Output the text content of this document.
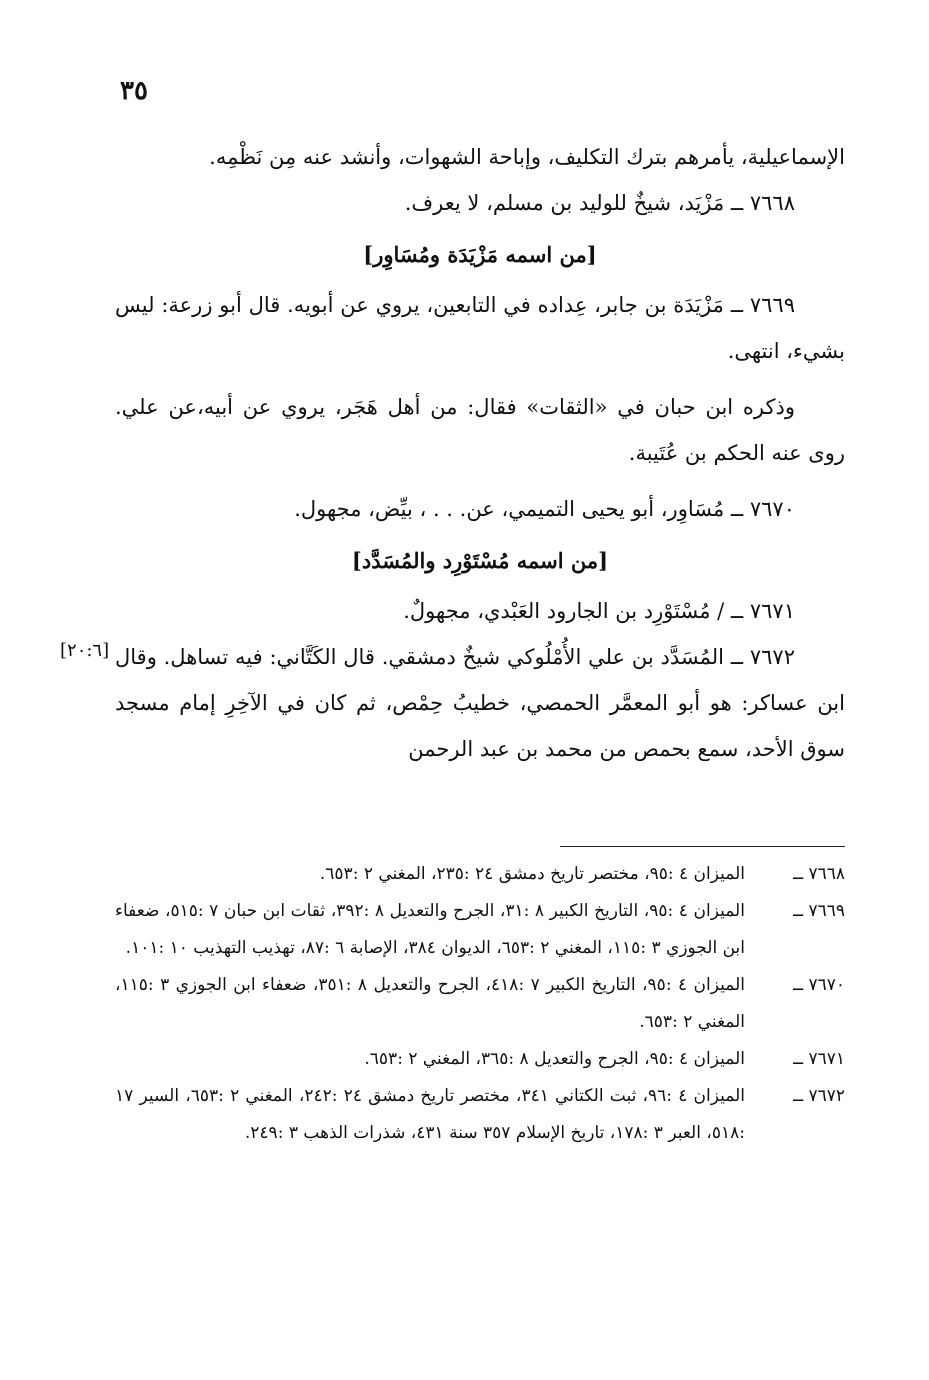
٣٥

الإسماعيلية، يأمرهم بترك التكليف، وإباحة الشهوات، وأنشد عنه مِن نَظْمِه.

٧٦٦٨ ــ مَزْيَد، شيخٌ للوليد بن مسلم، لا يعرف.

[من اسمه مَزْيَدَة ومُسَاوِر]

٧٦٦٩ ــ مَزْيَدَة بن جابر، عِداده في التابعين، يروي عن أبويه. قال أبو زرعة: ليس بشيء، انتهى.

وذكره ابن حبان في «الثقات» فقال: من أهل هَجَر، يروي عن أبيه،عن علي. روى عنه الحكم بن عُتَيبة.

٧٦٧٠ ــ مُسَاوِر، أبو يحيى التميمي، عن. . . ، بيِّض، مجهول.

[من اسمه مُسْتَوْرِد والمُسَدَّد]

٧٦٧١ ــ / مُسْتَوْرِد بن الجارود العَبْدي، مجهولٌ.

٧٦٧٢ ــ المُسَدَّد بن علي الأُمْلُوكي شيخٌ دمشقي. قال الكَتَّاني: فيه تساهل. وقال ابن عساكر: هو أبو المعمَّر الحمصي، خطيبُ حِمْص، ثم كان في الآخِرِ إمام مسجد سوق الأحد، سمع بحمص من محمد بن عبد الرحمن

[٢٠:٦]
٧٦٦٨ ــ
الميزان ٤ :٩٥، مختصر تاريخ دمشق ٢٤ :٢٣٥، المغني ٢ :٦٥٣.
٧٦٦٩ ــ
الميزان ٤ :٩٥، التاريخ الكبير ٨ :٣١، الجرح والتعديل ٨ :٣٩٢، ثقات ابن حبان ٧ :٥١٥، ضعفاء ابن الجوزي ٣ :١١٥، المغني ٢ :٦٥٣، الديوان ٣٨٤، الإصابة ٦ :٨٧، تهذيب التهذيب ١٠ :١٠١.
٧٦٧٠ ــ
الميزان ٤ :٩٥، التاريخ الكبير ٧ :٤١٨، الجرح والتعديل ٨ :٣٥١، ضعفاء ابن الجوزي ٣ :١١٥، المغني ٢ :٦٥٣.
٧٦٧١ ــ
الميزان ٤ :٩٥، الجرح والتعديل ٨ :٣٦٥، المغني ٢ :٦٥٣.
٧٦٧٢ ــ
الميزان ٤ :٩٦، ثبت الكتاني ٣٤١، مختصر تاريخ دمشق ٢٤ :٢٤٢، المغني ٢ :٦٥٣، السير ١٧ :٥١٨، العبر ٣ :١٧٨، تاريخ الإسلام ٣٥٧ سنة ٤٣١، شذرات الذهب ٣ :٢٤٩.
